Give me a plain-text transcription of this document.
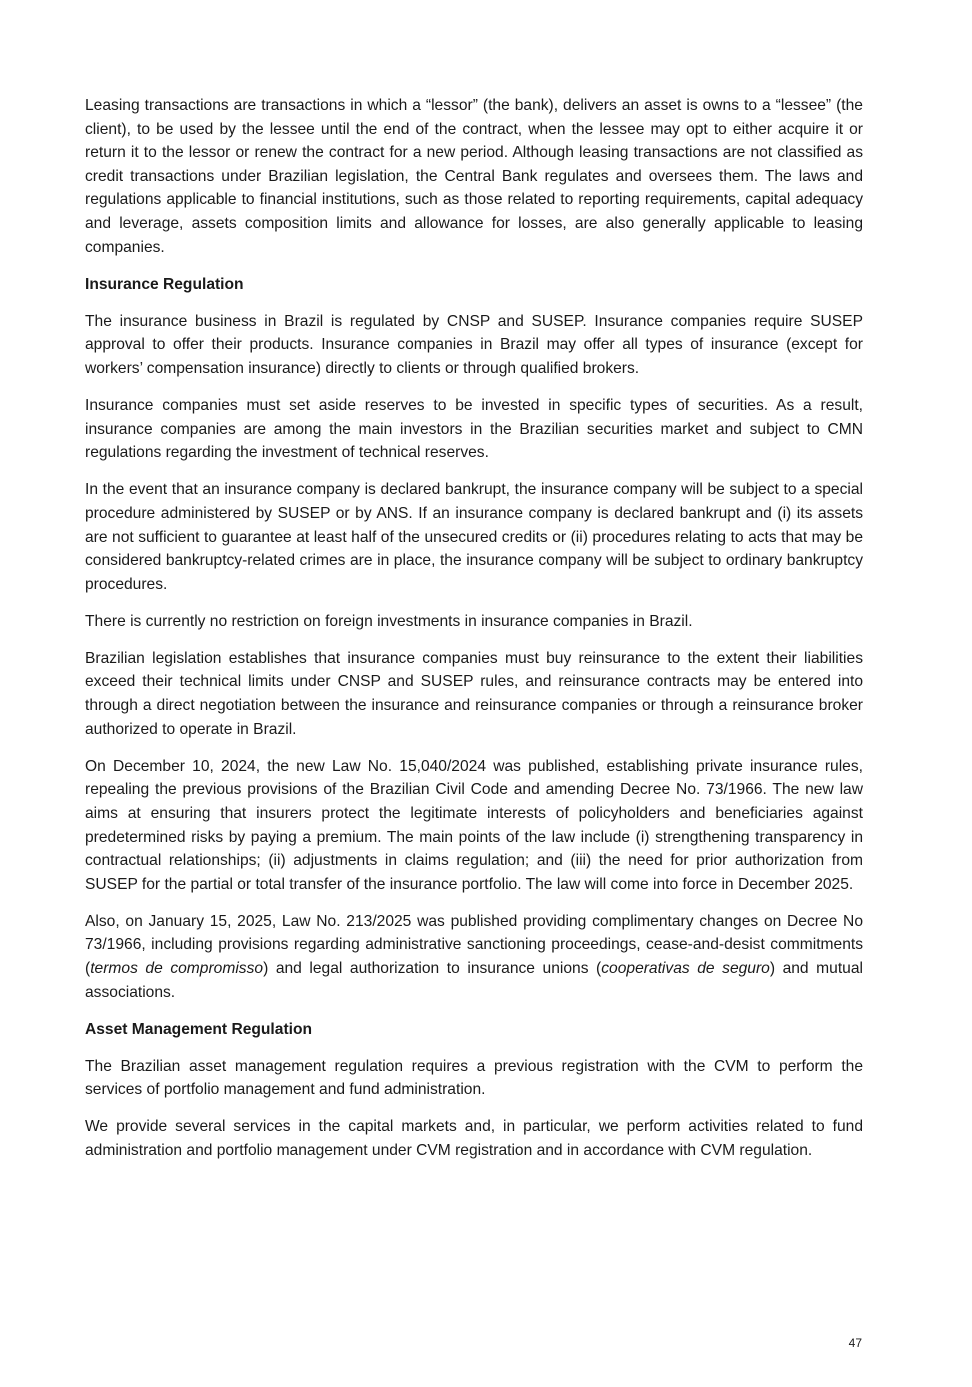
Leasing transactions are transactions in which a “lessor” (the bank), delivers an asset is owns to a “lessee” (the client), to be used by the lessee until the end of the contract, when the lessee may opt to either acquire it or return it to the lessor or renew the contract for a new period. Although leasing transactions are not classified as credit transactions under Brazilian legislation, the Central Bank regulates and oversees them. The laws and regulations applicable to financial institutions, such as those related to reporting requirements, capital adequacy and leverage, assets composition limits and allowance for losses, are also generally applicable to leasing companies.

Insurance Regulation

The insurance business in Brazil is regulated by CNSP and SUSEP. Insurance companies require SUSEP approval to offer their products. Insurance companies in Brazil may offer all types of insurance (except for workers’ compensation insurance) directly to clients or through qualified brokers.

Insurance companies must set aside reserves to be invested in specific types of securities. As a result, insurance companies are among the main investors in the Brazilian securities market and subject to CMN regulations regarding the investment of technical reserves.

In the event that an insurance company is declared bankrupt, the insurance company will be subject to a special procedure administered by SUSEP or by ANS. If an insurance company is declared bankrupt and (i) its assets are not sufficient to guarantee at least half of the unsecured credits or (ii) procedures relating to acts that may be considered bankruptcy-related crimes are in place, the insurance company will be subject to ordinary bankruptcy procedures.

There is currently no restriction on foreign investments in insurance companies in Brazil.

Brazilian legislation establishes that insurance companies must buy reinsurance to the extent their liabilities exceed their technical limits under CNSP and SUSEP rules, and reinsurance contracts may be entered into through a direct negotiation between the insurance and reinsurance companies or through a reinsurance broker authorized to operate in Brazil.

On December 10, 2024, the new Law No. 15,040/2024 was published, establishing private insurance rules, repealing the previous provisions of the Brazilian Civil Code and amending Decree No. 73/1966. The new law aims at ensuring that insurers protect the legitimate interests of policyholders and beneficiaries against predetermined risks by paying a premium. The main points of the law include (i) strengthening transparency in contractual relationships; (ii) adjustments in claims regulation; and (iii) the need for prior authorization from SUSEP for the partial or total transfer of the insurance portfolio. The law will come into force in December 2025.

Also, on January 15, 2025, Law No. 213/2025 was published providing complimentary changes on Decree No 73/1966, including provisions regarding administrative sanctioning proceedings, cease-and-desist commitments (termos de compromisso) and legal authorization to insurance unions (cooperativas de seguro) and mutual associations.

Asset Management Regulation

The Brazilian asset management regulation requires a previous registration with the CVM to perform the services of portfolio management and fund administration.

We provide several services in the capital markets and, in particular, we perform activities related to fund administration and portfolio management under CVM registration and in accordance with CVM regulation.

47
